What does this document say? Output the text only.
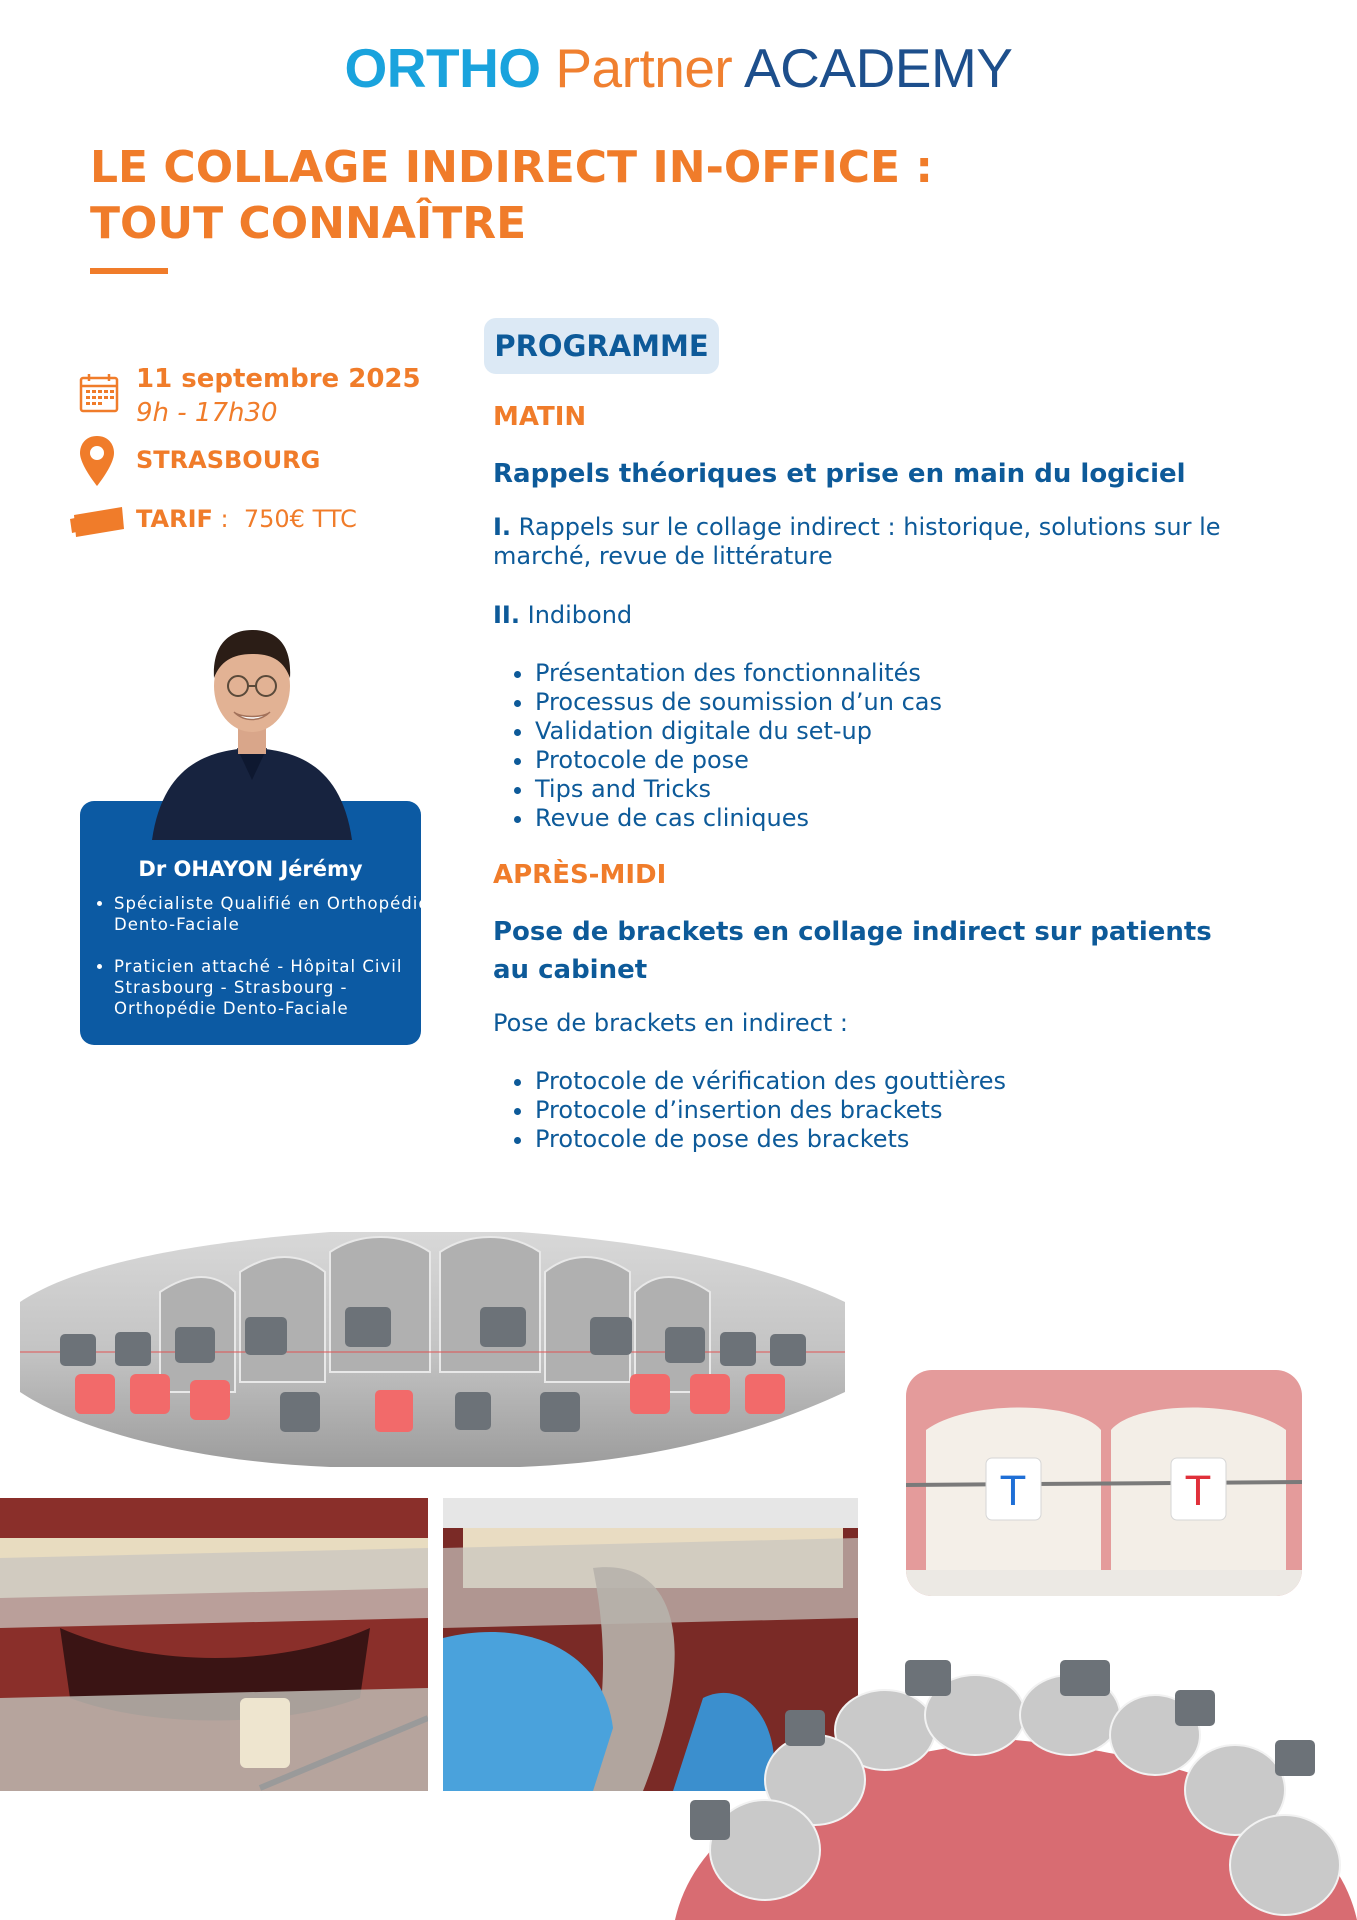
ORTHO Partner ACADEMY
LE COLLAGE INDIRECT IN-OFFICE :
TOUT CONNAÎTRE
11 septembre 2025
9h - 17h30
STRASBOURG
TARIF :  750€ TTC
Dr OHAYON Jérémy
• Spécialiste Qualifié en Orthopédie Dento-Faciale
• Praticien attaché - Hôpital Civil Strasbourg - Strasbourg - Orthopédie Dento-Faciale
PROGRAMME
MATIN
Rappels théoriques et prise en main du logiciel
I. Rappels sur le collage indirect : historique, solutions sur le marché, revue de littérature
II. Indibond
• Présentation des fonctionnalités
• Processus de soumission d’un cas
• Validation digitale du set-up
• Protocole de pose
• Tips and Tricks
• Revue de cas cliniques
APRÈS-MIDI
Pose de brackets en collage indirect sur patients au cabinet
Pose de brackets en indirect :
• Protocole de vérification des gouttières
• Protocole d’insertion des brackets
• Protocole de pose des brackets
T	T
